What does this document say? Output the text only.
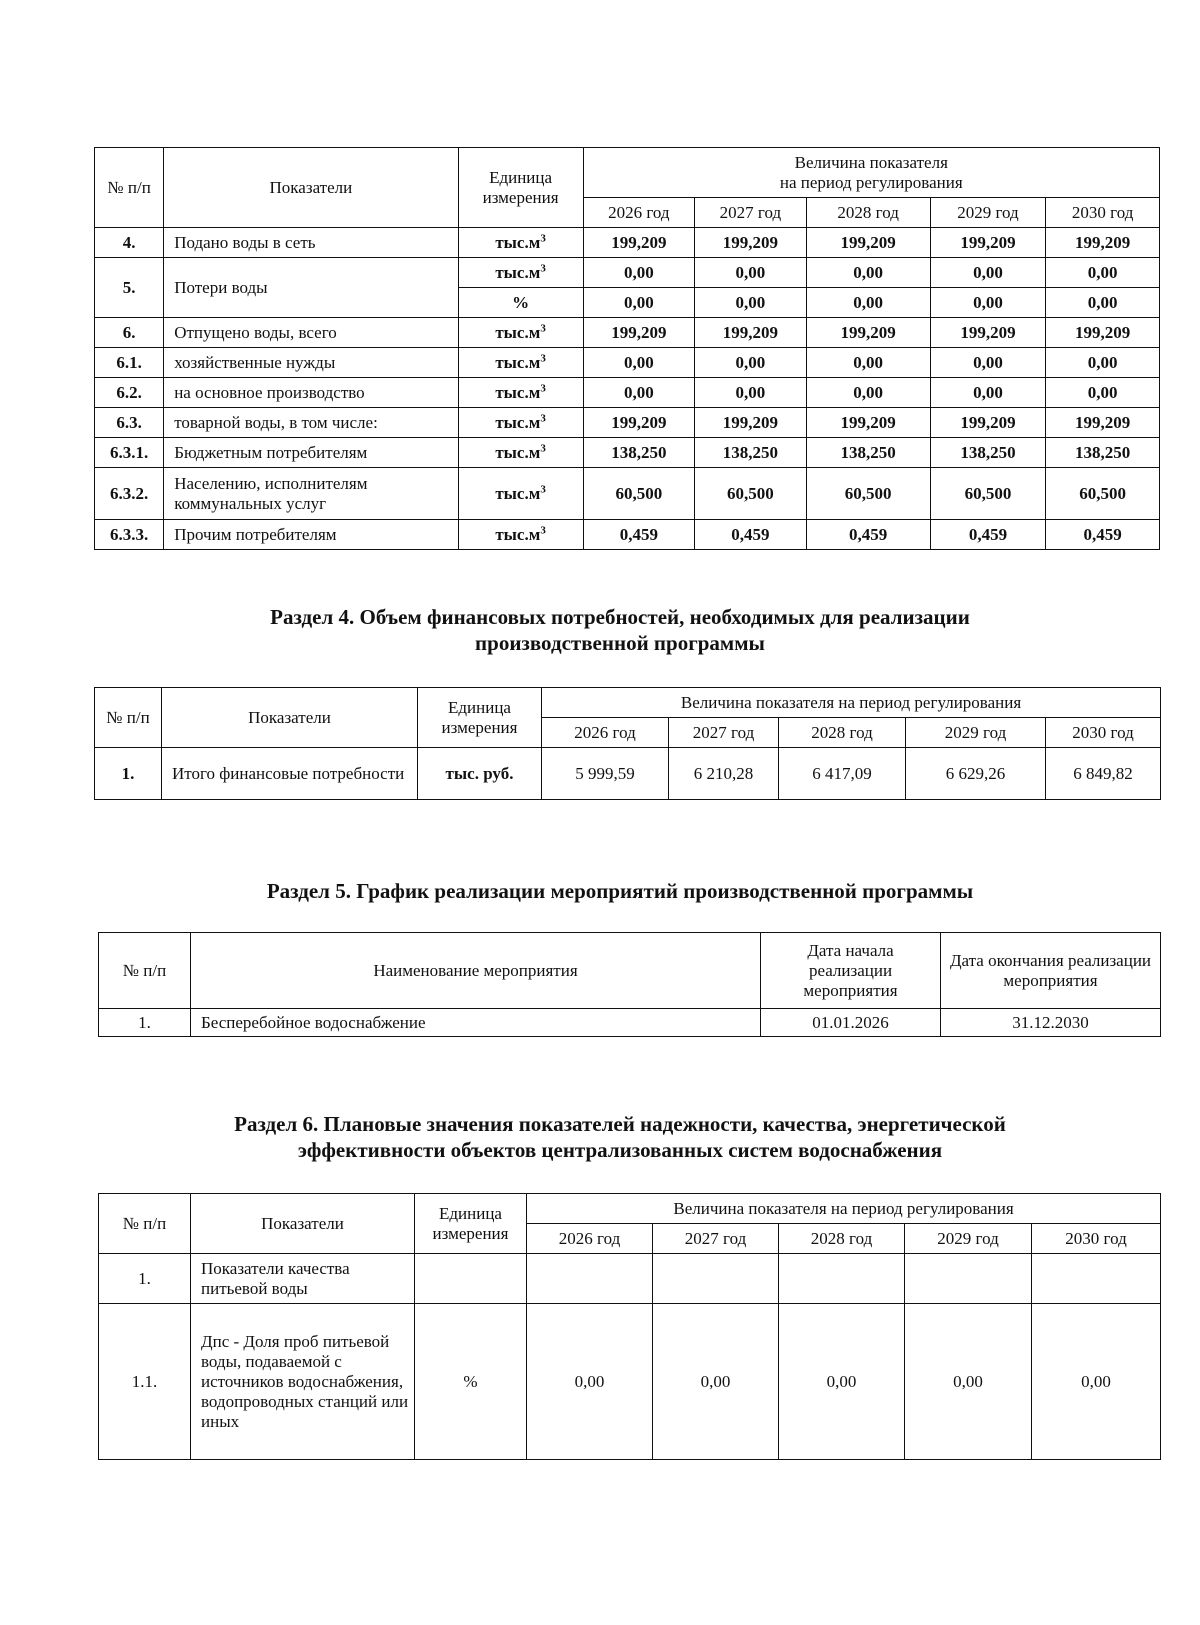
№ п/п	Показатели	Единица измерения	Величина показателя
на период регулирования				

			2026 год	2027 год	2028 год	2029 год	2030 год
4.	Подано воды в сеть	$тыс.м^3$	199,209	199,209	199,209	199,209	199,209
5.	Потери воды	$тыс.м^3$	0,00	0,00	0,00	0,00	0,00
		%	0,00	0,00	0,00	0,00	0,00
6.	Отпущено воды, всего	$тыс.м^3$	199,209	199,209	199,209	199,209	199,209
6.1.	хозяйственные нужды	$тыс.м^3$	0,00	0,00	0,00	0,00	0,00
6.2.	на основное производство	$тыс.м^3$	0,00	0,00	0,00	0,00	0,00
6.3.	товарной воды, в том числе:	$тыс.м^3$	199,209	199,209	199,209	199,209	199,209
6.3.1.	Бюджетным потребителям	$тыс.м^3$	138,250	138,250	138,250	138,250	138,250
6.3.2.	Населению, исполнителям коммунальных услуг	$тыс.м^3$	60,500	60,500	60,500	60,500	60,500
6.3.3.	Прочим потребителям	$тыс.м^3$	0,459	0,459	0,459	0,459	0,459
Раздел 4. Объем финансовых потребностей, необходимых для реализации
производственной программы
№ п/п	Показатели	Единица измерения	Величина показателя на период регулирования				
			2026 год	2027 год	2028 год	2029 год	2030 год
1.	Итого финансовые потребности	тыс. руб.	5 999,59	6 210,28	6 417,09	6 629,26	6 849,82
Раздел 5. График реализации мероприятий производственной программы
№ п/п	Наименование мероприятия	Дата начала реализации мероприятия	Дата окончания реализации мероприятия
1.	Бесперебойное водоснабжение	01.01.2026	31.12.2030
Раздел 6. Плановые значения показателей надежности, качества, энергетической
эффективности объектов централизованных систем водоснабжения
№ п/п	Показатели	Единица измерения	Величина показателя на период регулирования				
			2026 год	2027 год	2028 год	2029 год	2030 год
1.	Показатели качества питьевой воды						
1.1.	Дпс - Доля проб питьевой воды, подаваемой с источников водоснабжения, водопроводных станций или иных	%	0,00	0,00	0,00	0,00	0,00
